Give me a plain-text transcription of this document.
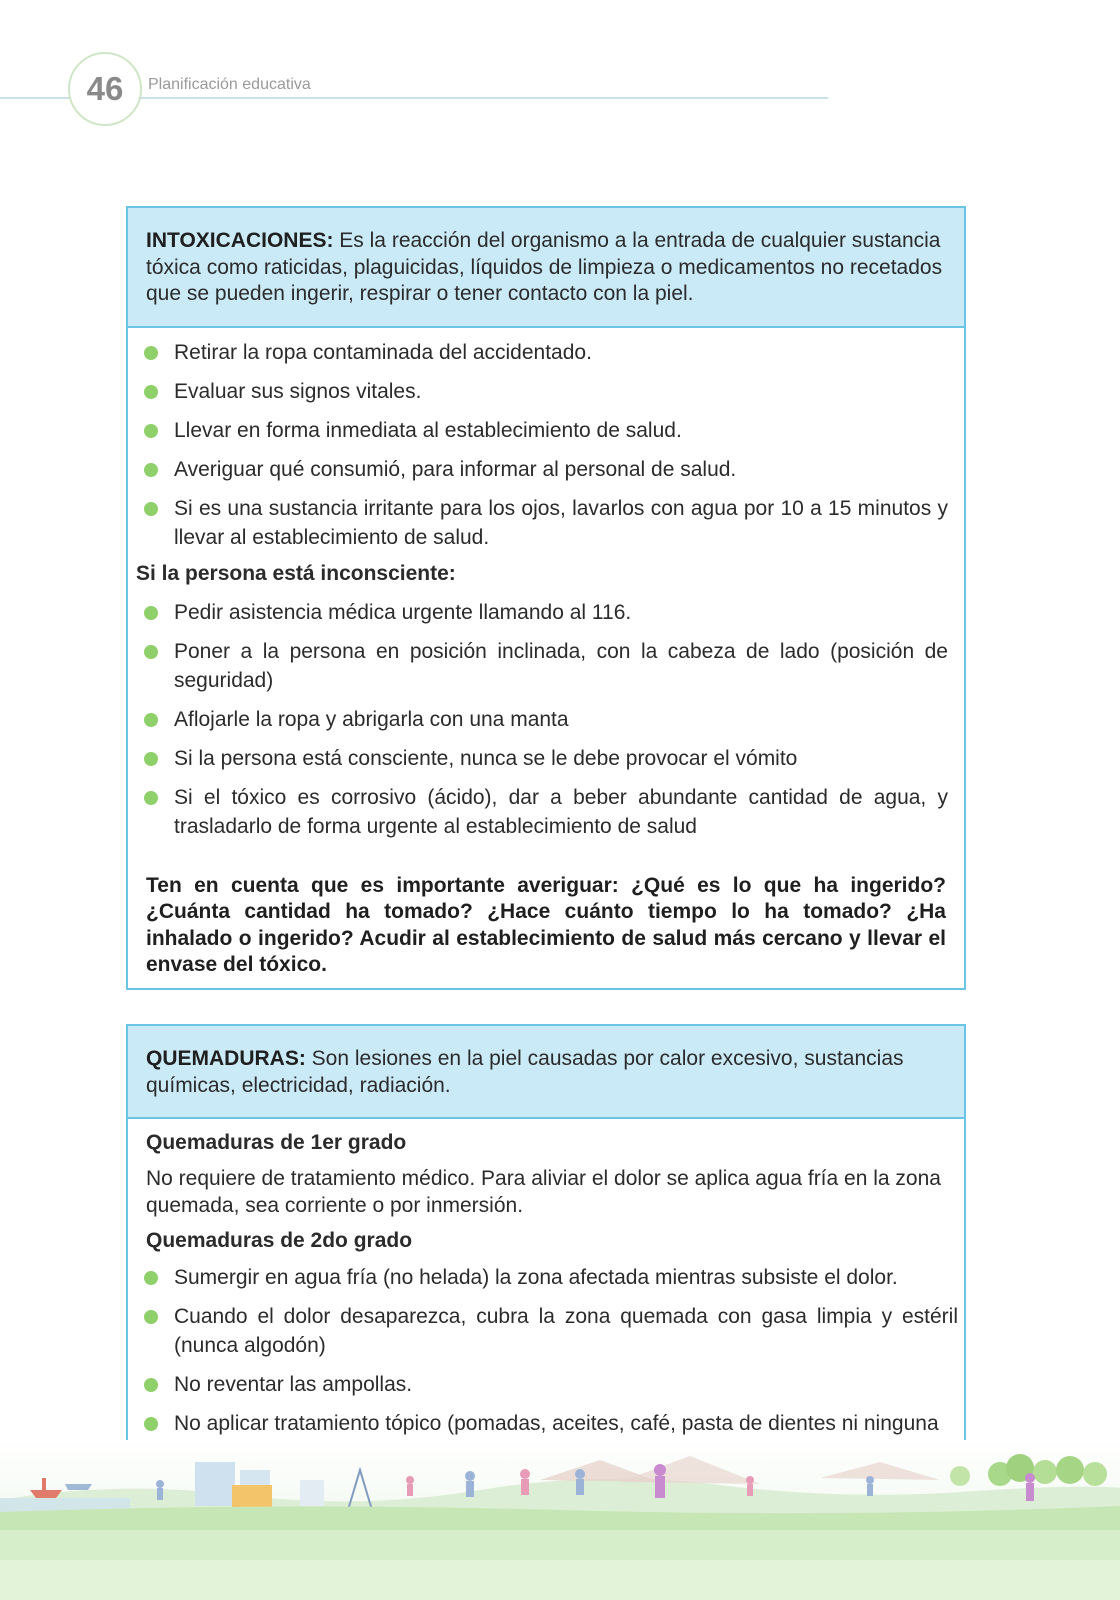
46	Planificación educativa
INTOXICACIONES: Es la reacción del organismo a la entrada de cualquier sustancia tóxica como raticidas, plaguicidas, líquidos de limpieza o medicamentos no recetados que se pueden ingerir, respirar o tener contacto con la piel.
Retirar la ropa contaminada del accidentado.
Evaluar sus signos vitales.
Llevar en forma inmediata al establecimiento de salud.
Averiguar qué consumió, para informar al personal de salud.
Si es una sustancia irritante para los ojos, lavarlos con agua por 10 a 15 minutos y llevar al establecimiento de salud.
Si la persona está inconsciente:
Pedir asistencia médica urgente llamando al 116.
Poner a la persona en posición inclinada, con la cabeza de lado (posición de seguridad)
Aflojarle la ropa y abrigarla con una manta
Si la persona está consciente, nunca se le debe provocar el vómito
Si el tóxico es corrosivo (ácido), dar a beber abundante cantidad de agua, y trasladarlo de forma urgente al establecimiento de salud
Ten en cuenta que es importante averiguar: ¿Qué es lo que ha ingerido? ¿Cuánta cantidad ha tomado? ¿Hace cuánto tiempo lo ha tomado? ¿Ha inhalado o ingerido? Acudir al establecimiento de salud más cercano y llevar el envase del tóxico.
QUEMADURAS: Son lesiones en la piel causadas por calor excesivo, sustancias químicas, electricidad, radiación.
Quemaduras de 1er grado
No requiere de tratamiento médico. Para aliviar el dolor se aplica agua fría en la zona quemada, sea corriente o por inmersión.
Quemaduras de 2do grado
Sumergir en agua fría (no helada) la zona afectada mientras subsiste el dolor.
Cuando el dolor desaparezca, cubra la zona quemada con gasa limpia y estéril (nunca algodón)
No reventar las ampollas.
No aplicar tratamiento tópico (pomadas, aceites, café, pasta de dientes ni ninguna
